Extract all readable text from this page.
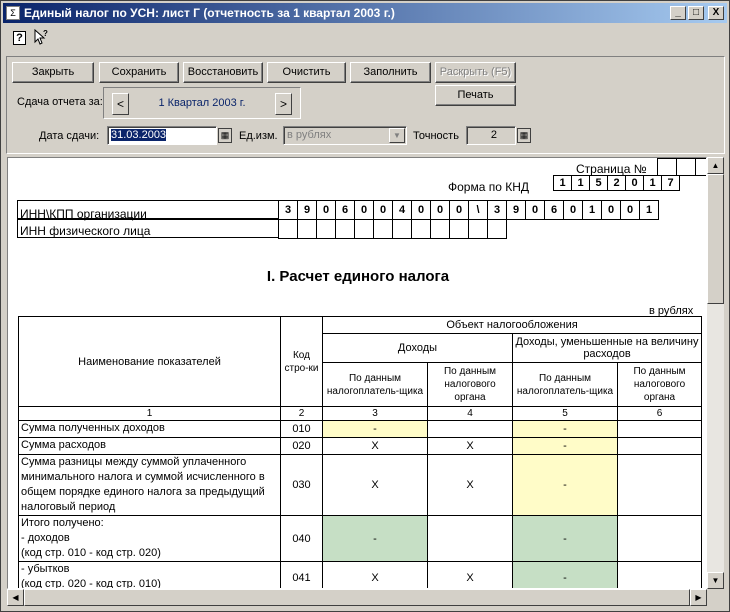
Σ Единый налог по УСН: лист Г (отчетность за 1 квартал 2003 г.)	_	□	X
?	?
Закрыть	Сохранить	Восстановить	Очистить	Заполнить	Раскрыть (F5)
Печать
Сдача отчета за:	<	1 Квартал 2003 г.	>
Дата сдачи:	31.03.2003	▦ Ед.изм. в рублях	▼	Точность	2	▦
Страница №
Форма по КНД	1	1	5	2	0	1	7
ИНН\КПП организации	3	9	0	6	0	0	4	0	0	0	\	3	9	0	6	0	1	0	0	1
ИНН физического лица
I. Расчет единого налога
в рублях
Наименование показателей	Код стро-ки	Объект налогообложения			
		Доходы		Доходы, уменьшенные на величину расходов	
		По данным налогоплатель-щика	По данным налогового органа	По данным налогоплатель-щика	По данным налогового органа
1	2	3	4	5	6
Сумма полученных доходов	010	-		-	
Сумма расходов	020	X	X	-	
Сумма разницы между суммой уплаченного минимального налога и суммой исчисленного в общем порядке единого налога за предыдущий налоговый период	030	X	X	-	
Итого получено:
- доходов
(код стр. 010 - код стр. 020)	040	-		-	
- убытков
(код стр. 020 - код стр. 010)	041	X	X	-	
▲
▼
◀	▶
